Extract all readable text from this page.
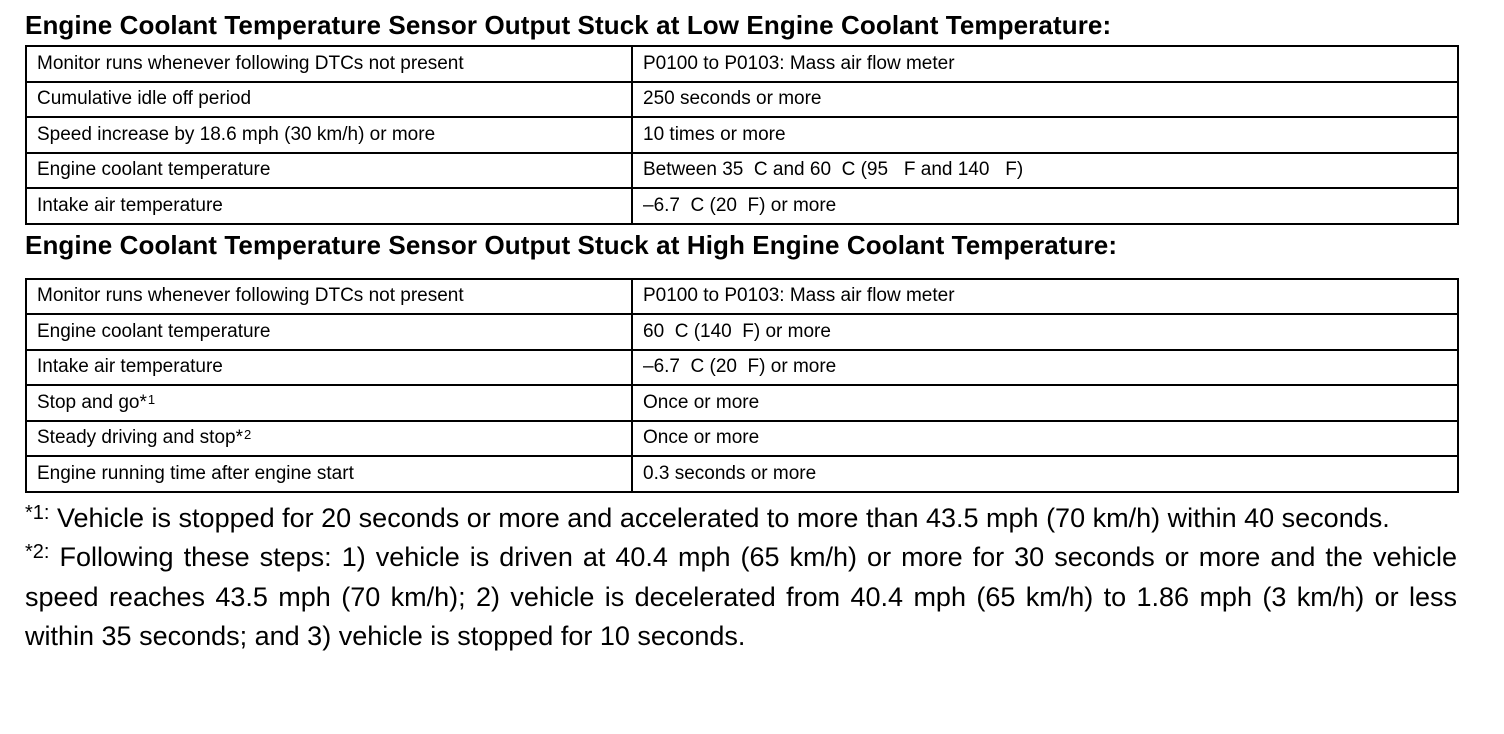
Engine Coolant Temperature Sensor Output Stuck at Low Engine Coolant Temperature:
Monitor runs whenever following DTCs not present	P0100 to P0103: Mass air flow meter
Cumulative idle off period	250 seconds or more
Speed increase by 18.6 mph (30 km/h) or more	10 times or more
Engine coolant temperature	Between 35  C and 60  C (95   F and 140   F)
Intake air temperature	–6.7  C (20  F) or more
Engine Coolant Temperature Sensor Output Stuck at High Engine Coolant Temperature:
Monitor runs whenever following DTCs not present	P0100 to P0103: Mass air flow meter
Engine coolant temperature	60  C (140  F) or more
Intake air temperature	–6.7  C (20  F) or more
Stop and go*$^1$	Once or more
Steady driving and stop*$^2$	Once or more
Engine running time after engine start	0.3 seconds or more

$^{*1:}$ Vehicle is stopped for 20 seconds or more and accelerated to more than 43.5 mph (70 km/h) within 40 seconds.

$^{*2:}$ Following these steps: 1) vehicle is driven at 40.4 mph (65 km/h) or more for 30 seconds or more and the vehicle speed reaches 43.5 mph (70 km/h); 2) vehicle is decelerated from 40.4 mph (65 km/h) to 1.86 mph (3 km/h) or less within 35 seconds; and 3) vehicle is stopped for 10 seconds.
